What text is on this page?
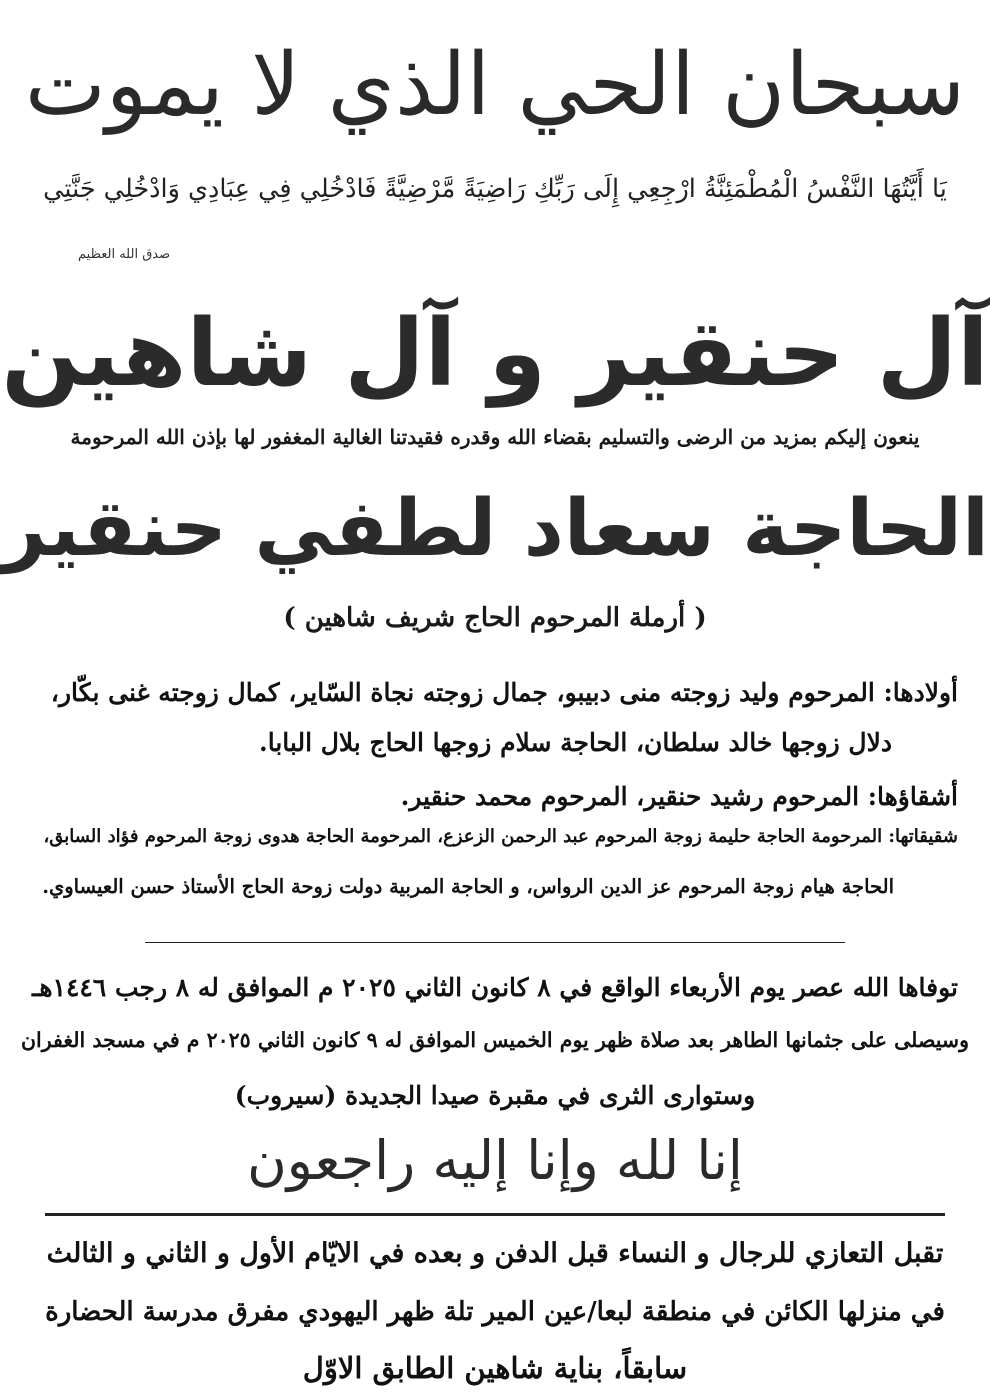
سبحان الحي الذي لا يموت
يَا أَيَّتُهَا النَّفْسُ الْمُطْمَئِنَّةُ ارْجِعِي إِلَى رَبِّكِ رَاضِيَةً مَّرْضِيَّةً فَادْخُلِي فِي عِبَادِي وَادْخُلِي جَنَّتِي
صدق الله العظيم
آل حنقير و آل شاهين
ينعون إليكم بمزيد من الرضى والتسليم بقضاء الله وقدره فقيدتنا الغالية المغفور لها بإذن الله المرحومة
الحاجة سعاد لطفي حنقير
( أرملة المرحوم الحاج شريف شاهين )
أولادها: المرحوم وليد زوجته منى دبيبو، جمال زوجته نجاة السّاير، كمال زوجته غنى بكّار،
دلال زوجها خالد سلطان، الحاجة سلام زوجها الحاج بلال البابا.
أشقاؤها: المرحوم رشيد حنقير، المرحوم محمد حنقير.
شقيقاتها: المرحومة الحاجة حليمة زوجة المرحوم عبد الرحمن الزعزع، المرحومة الحاجة هدوى زوجة المرحوم فؤاد السابق،
الحاجة هيام زوجة المرحوم عز الدين الرواس، و الحاجة المربية دولت زوحة الحاج الأستاذ حسن العيساوي.
توفاها الله عصر يوم الأربعاء الواقع في ٨ كانون الثاني ٢٠٢٥ م الموافق له ٨ رجب ١٤٤٦هـ
وسيصلى على جثمانها الطاهر بعد صلاة ظهر يوم الخميس الموافق له ٩ كانون الثاني ٢٠٢٥ م في مسجد الغفران
وستوارى الثرى في مقبرة صيدا الجديدة (سيروب)
إنا لله وإنا إليه راجعون
تقبل التعازي للرجال و النساء قبل الدفن و بعده في الايّام الأول و الثاني و الثالث
في منزلها الكائن في منطقة لبعا/عين المير تلة ظهر اليهودي مفرق مدرسة الحضارة
سابقاً، بناية شاهين الطابق الاوّل
